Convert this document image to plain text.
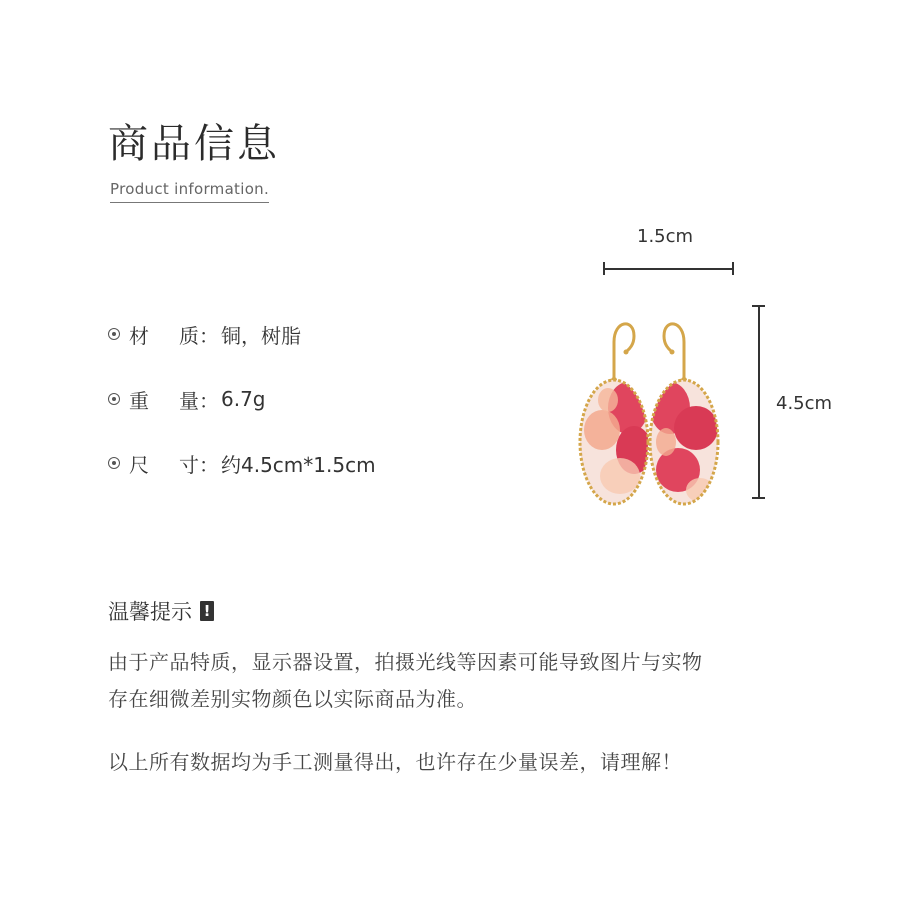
商品信息
Product information.
材	质 ： 铜，树脂
重	量 ： 6.7g
尺	寸 ： 约4.5cm*1.5cm
1.5cm
4.5cm
温馨提示 !
由于产品特质，显示器设置，拍摄光线等因素可能导致图片与实物
存在细微差别实物颜色以实际商品为准。
以上所有数据均为手工测量得出，也许存在少量误差，请理解！
